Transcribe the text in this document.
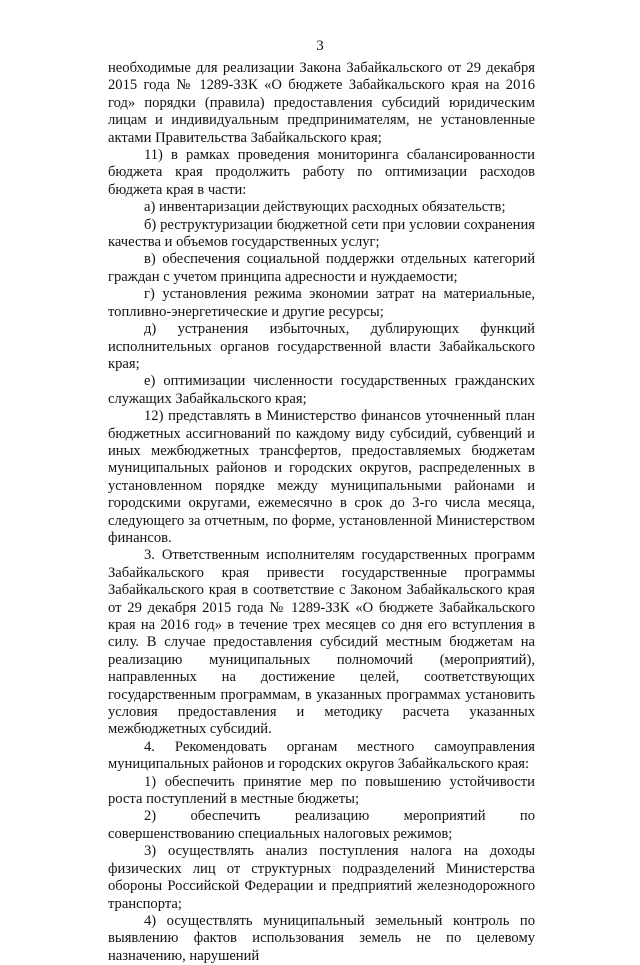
3

необходимые для реализации Закона Забайкальского от 29 декабря 2015 года № 1289-ЗЗК «О бюджете Забайкальского края на 2016 год» порядки (правила) предоставления субсидий юридическим лицам и индивидуальным предпринимателям, не установленные актами Правительства Забайкальского края;

11) в рамках проведения мониторинга сбалансированности бюджета края продолжить работу по оптимизации расходов бюджета края в части:

а) инвентаризации действующих расходных обязательств;

б) реструктуризации бюджетной сети при условии сохранения качества и объемов государственных услуг;

в) обеспечения социальной поддержки отдельных категорий граждан с учетом принципа адресности и нуждаемости;

г) установления режима экономии затрат на материальные, топливно-энергетические и другие ресурсы;

д) устранения избыточных, дублирующих функций исполнительных органов государственной власти Забайкальского края;

е) оптимизации численности государственных гражданских служащих Забайкальского края;

12) представлять в Министерство финансов уточненный план бюджетных ассигнований по каждому виду субсидий, субвенций и иных межбюджетных трансфертов, предоставляемых бюджетам муниципальных районов и городских округов, распределенных в установленном порядке между муниципальными районами и городскими округами, ежемесячно в срок до 3-го числа месяца, следующего за отчетным, по форме, установленной Министерством финансов.

3. Ответственным исполнителям государственных программ Забайкальского края привести государственные программы Забайкальского края в соответствие с Законом Забайкальского края от 29 декабря 2015 года № 1289-ЗЗК «О бюджете Забайкальского края на 2016 год» в течение трех месяцев со дня его вступления в силу. В случае предоставления субсидий местным бюджетам на реализацию муниципальных полномочий (мероприятий), направленных на достижение целей, соответствующих государственным программам, в указанных программах установить условия предоставления и методику расчета указанных межбюджетных субсидий.

4. Рекомендовать органам местного самоуправления муниципальных районов и городских округов Забайкальского края:

1) обеспечить принятие мер по повышению устойчивости роста поступлений в местные бюджеты;

2) обеспечить реализацию мероприятий по совершенствованию специальных налоговых режимов;

3) осуществлять анализ поступления налога на доходы физических лиц от структурных подразделений Министерства обороны Российской Федерации и предприятий железнодорожного транспорта;

4) осуществлять муниципальный земельный контроль по выявлению фактов использования земель не по целевому назначению, нарушений
